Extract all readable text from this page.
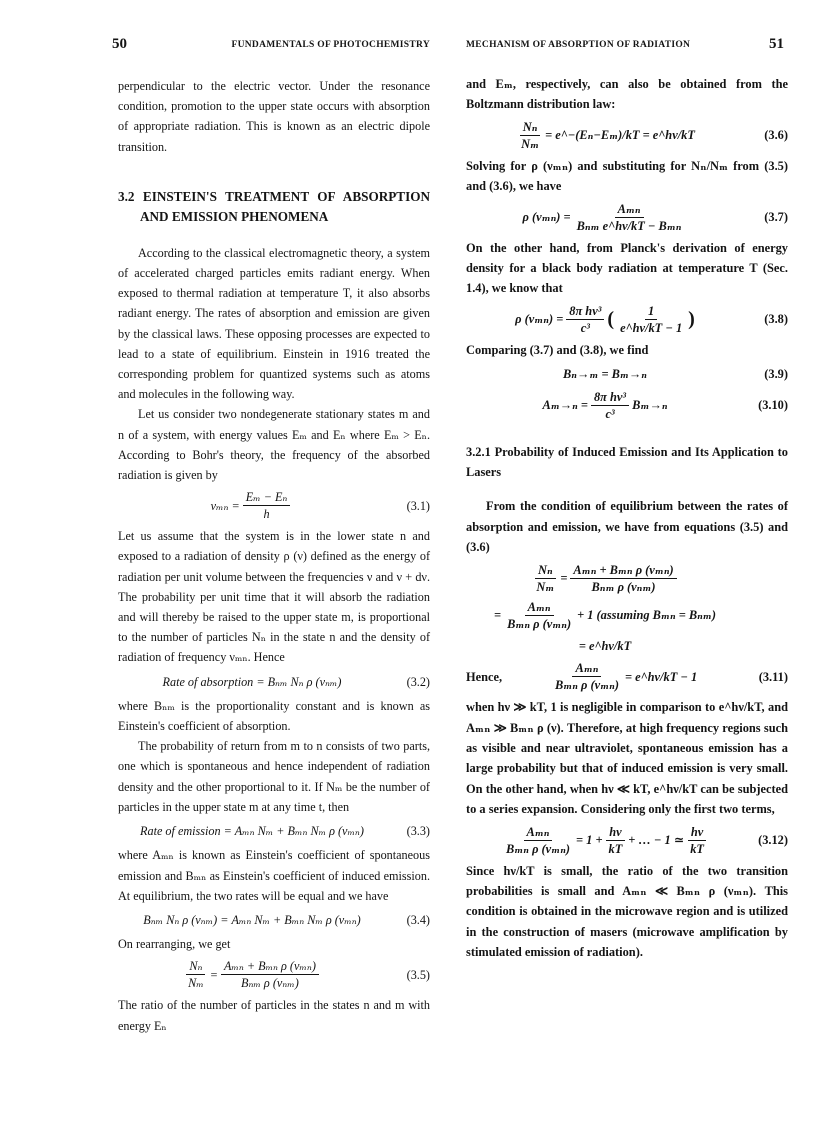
50	FUNDAMENTALS OF PHOTOCHEMISTRY

perpendicular to the electric vector. Under the resonance condition, promotion to the upper state occurs with absorption of appropriate radiation. This is known as an electric dipole transition.

3.2 EINSTEIN'S TREATMENT OF ABSORPTION AND EMISSION PHENOMENA

According to the classical electromagnetic theory, a system of accelerated charged particles emits radiant energy. When exposed to thermal radiation at temperature T, it also absorbs radiant energy. The rates of absorption and emission are given by the classical laws. These opposing processes are expected to lead to a state of equilibrium. Einstein in 1916 treated the corresponding problem for quantized systems such as atoms and molecules in the following way.

Let us consider two nondegenerate stationary states m and n of a system, with energy values Eₘ and Eₙ where Eₘ > Eₙ. According to Bohr's theory, the frequency of the absorbed radiation is given by

$\nu_{mn} = \frac{\text{Eₘ − Eₙ}}{h}$	(3.1)

Let us assume that the system is in the lower state n and exposed to a radiation of density ρ (ν) defined as the energy of radiation per unit volume between the frequencies ν and ν + dν. The probability per unit time that it will absorb the radiation and will thereby be raised to the upper state m, is proportional to the number of particles Nₙ in the state n and the density of radiation of frequency νₘₙ. Hence

Rate of absorption = Bₙₘ Nₙ ρ (νₙₘ)	(3.2)

where Bₙₘ is the proportionality constant and is known as Einstein's coefficient of absorption.

The probability of return from m to n consists of two parts, one which is spontaneous and hence independent of radiation density and the other proportional to it. If Nₘ be the number of particles in the upper state m at any time t, then

Rate of emission = Aₘₙ Nₘ + Bₘₙ Nₘ ρ (νₘₙ)	(3.3)

where Aₘₙ is known as Einstein's coefficient of spontaneous emission and Bₘₙ as Einstein's coefficient of induced emission. At equilibrium, the two rates will be equal and we have

Bₙₘ Nₙ ρ (νₙₘ) = Aₘₙ Nₘ + Bₘₙ Nₘ ρ (νₘₙ)	(3.4)

On rearranging, we get

$\frac{\text{Nₙ}}{\text{Nₘ}} = \frac{\text{Aₘₙ + Bₘₙ ρ (νₘₙ)}}{\text{Bₙₘ ρ (νₙₘ)}}$	(3.5)

The ratio of the number of particles in the states n and m with energy Eₙ

MECHANISM OF ABSORPTION OF RADIATION	51

and Eₘ, respectively, can also be obtained from the Boltzmann distribution law:

$\frac{\text{Nₙ}}{\text{Nₘ}}$ = e^−(Eₙ−Eₘ)/kT = e^hν/kT	(3.6)

Solving for ρ (νₘₙ) and substituting for Nₙ/Nₘ from (3.5) and (3.6), we have

ρ $(\nu_{mn}) = \frac{\text{Aₘₙ}}{\text{Bₙₘ e\textasciicircum{}hν/kT − Bₘₙ}}$	(3.7)

On the other hand, from Planck's derivation of energy density for a black body radiation at temperature T (Sec. 1.4), we know that

ρ $(\nu_{mn}) = \frac{\text{8π hν³}}{\text{c³}}$ ( $\frac{1}{e\^{}h\nu/kT - 1}$ )	(3.8)

Comparing (3.7) and (3.8), we find

Bₙ→ₘ = Bₘ→ₙ	(3.9)
$A_m\to_n = \frac{\text{8π hν³}}{\text{c³}} B_m\to_n$	(3.10)
3.2.1 Probability of Induced Emission and Its Application to Lasers

From the condition of equilibrium between the rates of absorption and emission, we have from equations (3.5) and (3.6)

$\frac{\text{Nₙ}}{\text{Nₘ}} = \frac{\text{Aₘₙ + Bₘₙ ρ (νₘₙ)}}{\text{Bₙₘ ρ (νₙₘ)}}$
= $\frac{\text{Aₘₙ}}{\text{Bₘₙ ρ (νₘₙ)}} + 1$ (assuming Bₘₙ = Bₙₘ)
= e^hν/kT
Hence,	$\frac{\text{Aₘₙ}}{\text{Bₘₙ ρ (νₘₙ)}}$ = e^hν/kT − 1	(3.11)

when hν ≫ kT, 1 is negligible in comparison to e^hν/kT, and Aₘₙ ≫ Bₘₙ ρ (ν). Therefore, at high frequency regions such as visible and near ultraviolet, spontaneous emission has a large probability but that of induced emission is very small. On the other hand, when hν ≪ kT, e^hν/kT can be subjected to a series expansion. Considering only the first two terms,

$\frac{\text{Aₘₙ}}{\text{Bₘₙ ρ (νₘₙ)}} = 1 + \frac{h\nu}{kT}$ + … − 1 ≃ $\frac{h\nu}{kT}$	(3.12)

Since hν/kT is small, the ratio of the two transition probabilities is small and Aₘₙ ≪ Bₘₙ ρ (νₘₙ). This condition is obtained in the microwave region and is utilized in the construction of masers (microwave amplification by stimulated emission of radiation).
